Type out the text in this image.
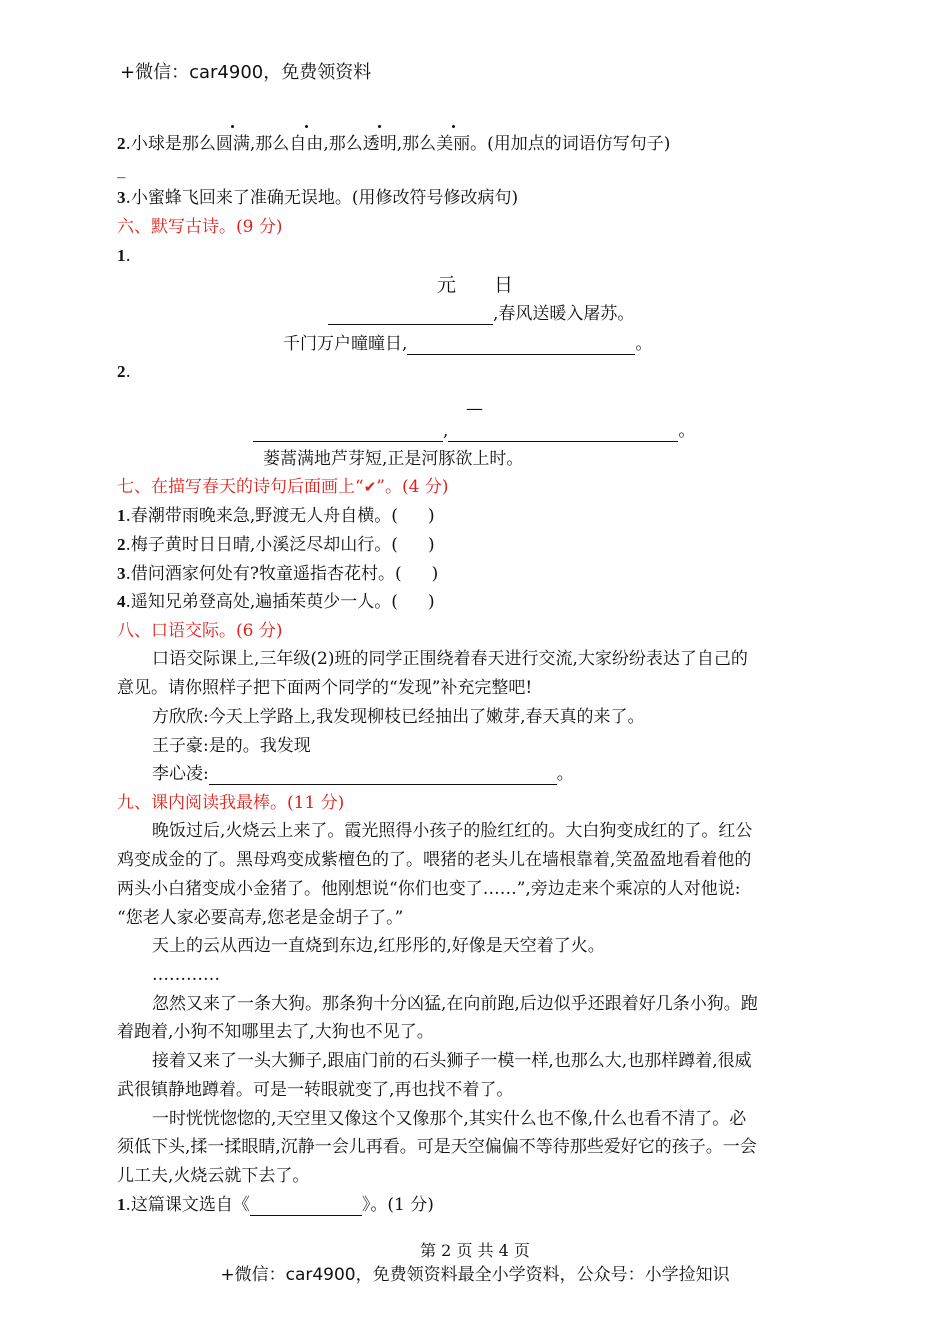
+微信：car4900，免费领资料
2.小球是那么圆满,那么自由,那么透明,那么美丽。(用加点的词语仿写句子)
_
3.小蜜蜂飞回来了准确无误地。(用修改符号修改病句)
六、默写古诗。(9 分)
1.
元　　日
,春风送暖入屠苏。
千门万户曈曈日,	。
2.
—
,	。
蒌蒿满地芦芽短,正是河豚欲上时。
七、在描写春天的诗句后面画上“✔”。(4 分)
1.春潮带雨晚来急,野渡无人舟自横。( )
2.梅子黄时日日晴,小溪泛尽却山行。( )
3.借问酒家何处有?牧童遥指杏花村。( )
4.遥知兄弟登高处,遍插茱萸少一人。( )
八、口语交际。(6 分)
口语交际课上,三年级(2)班的同学正围绕着春天进行交流,大家纷纷表达了自己的
意见。请你照样子把下面两个同学的“发现”补充完整吧!
方欣欣:今天上学路上,我发现柳枝已经抽出了嫩芽,春天真的来了。
王子豪:是的。我发现
李心凌:	。
九、课内阅读我最棒。(11 分)
晚饭过后,火烧云上来了。霞光照得小孩子的脸红红的。大白狗变成红的了。红公
鸡变成金的了。黑母鸡变成紫檀色的了。喂猪的老头儿在墙根靠着,笑盈盈地看着他的
两头小白猪变成小金猪了。他刚想说“你们也变了……”,旁边走来个乘凉的人对他说:
“您老人家必要高寿,您老是金胡子了。”
天上的云从西边一直烧到东边,红彤彤的,好像是天空着了火。
…………
忽然又来了一条大狗。那条狗十分凶猛,在向前跑,后边似乎还跟着好几条小狗。跑
着跑着,小狗不知哪里去了,大狗也不见了。
接着又来了一头大狮子,跟庙门前的石头狮子一模一样,也那么大,也那样蹲着,很威
武很镇静地蹲着。可是一转眼就变了,再也找不着了。
一时恍恍惚惚的,天空里又像这个又像那个,其实什么也不像,什么也看不清了。必
须低下头,揉一揉眼睛,沉静一会儿再看。可是天空偏偏不等待那些爱好它的孩子。一会
儿工夫,火烧云就下去了。
1.这篇课文选自《	》。(1 分)
第 2 页 共 4 页
+微信：car4900，免费领资料最全小学资料，公众号：小学捡知识
